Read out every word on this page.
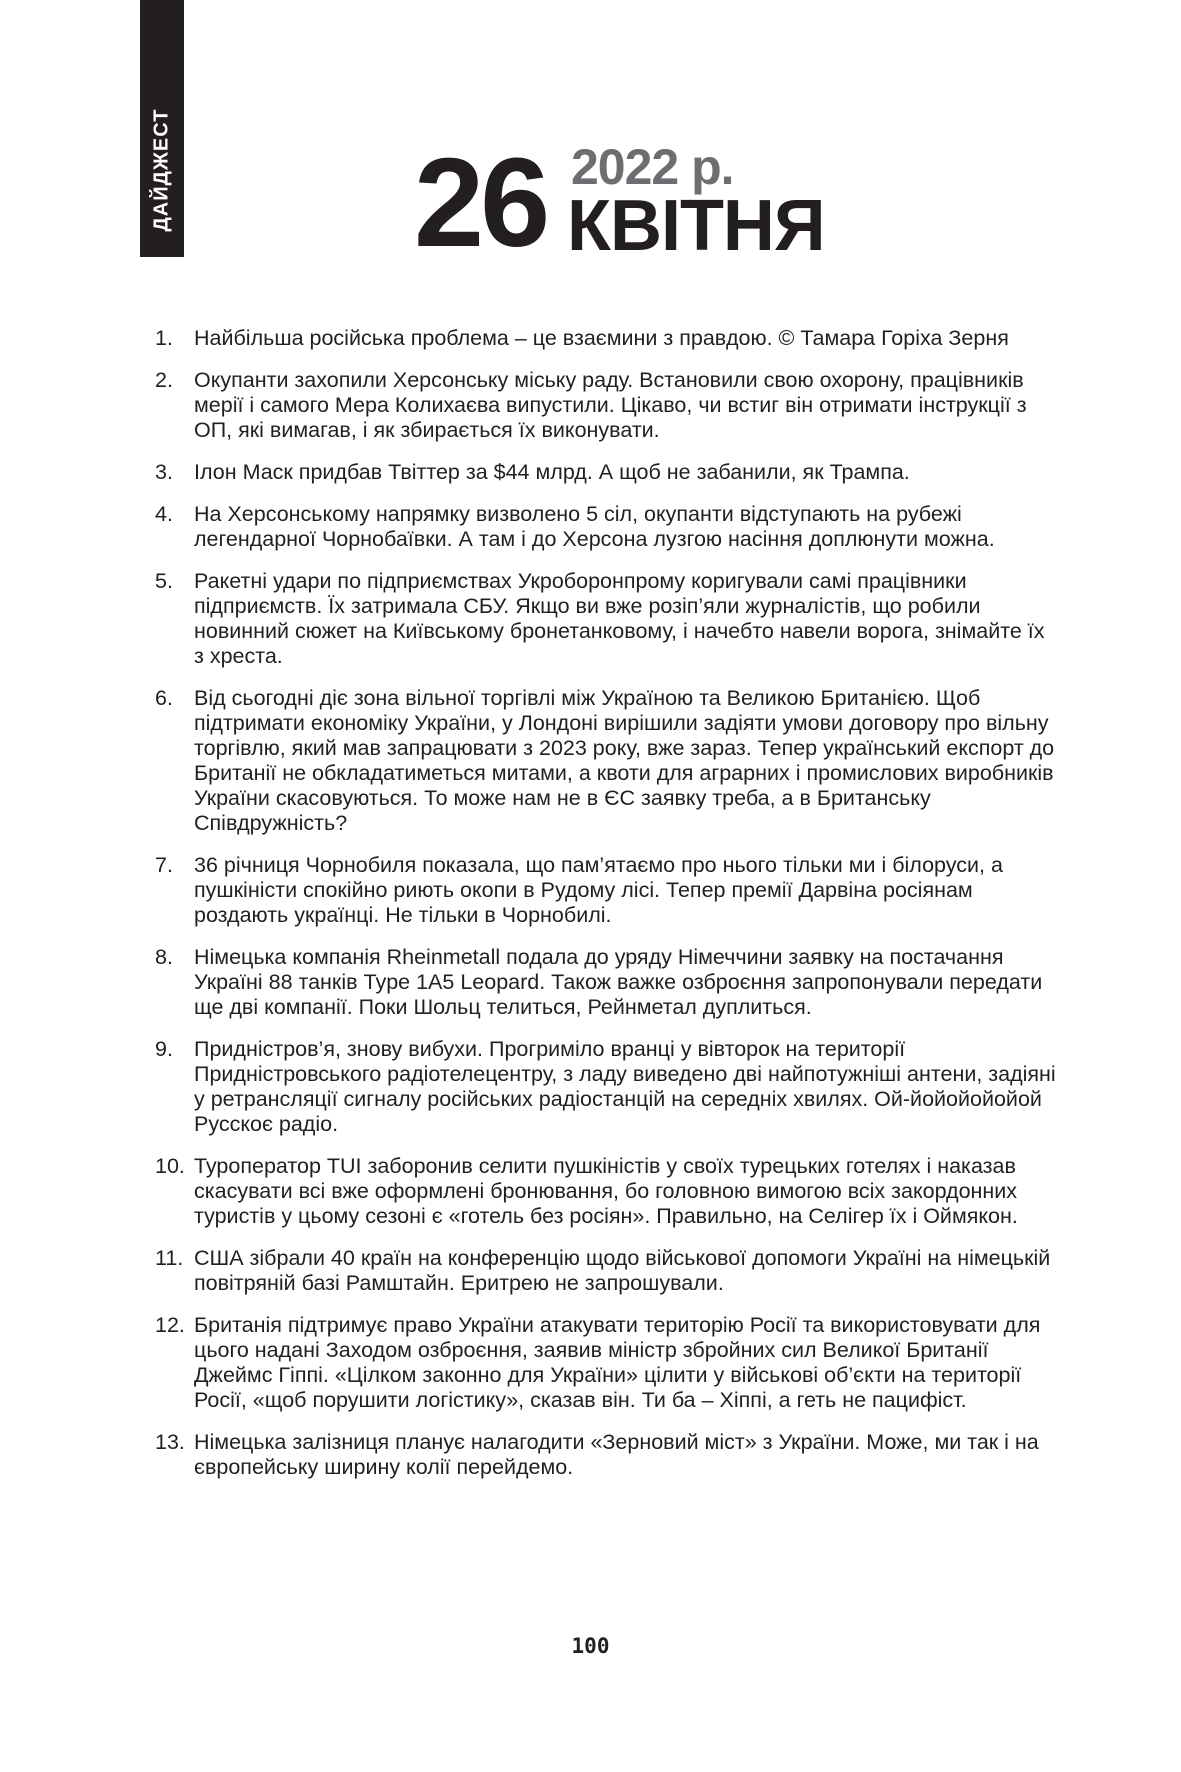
ДАЙДЖЕСТ 26 2022 р.
КВІТНЯ
1. Найбільша російська проблема – це взаємини з правдою. © Тамара Горіха Зерня
2. Окупанти захопили Херсонську міську раду. Встановили свою охорону, працівників мерії і самого Мера Колихаєва випустили. Цікаво, чи встиг він отримати інструкції з ОП, які вимагав, і як збирається їх виконувати.
3. Ілон Маск придбав Твіттер за $44 млрд. А щоб не забанили, як Трампа.
4. На Херсонському напрямку визволено 5 сіл, окупанти відступають на рубежі легендарної Чорнобаївки. А там і до Херсона лузгою насіння доплюнути можна.
5. Ракетні удари по підприємствах Укроборонпрому коригували самі працівники підприємств. Їх затримала СБУ. Якщо ви вже розіп’яли журналістів, що робили новинний сюжет на Київському бронетанковому, і начебто навели ворога, знімайте їх з хреста.
6. Від сьогодні діє зона вільної торгівлі між Україною та Великою Британією. Щоб підтримати економіку України, у Лондоні вирішили задіяти умови договору про вільну торгівлю, який мав запрацювати з 2023 року, вже зараз. Тепер український експорт до Британії не обкладатиметься митами, а квоти для аграрних і промислових виробників України скасовуються. То може нам не в ЄС заявку треба, а в Британську Співдружність?
7. 36 річниця Чорнобиля показала, що пам’ятаємо про нього тільки ми і білоруси, а пушкіністи спокійно риють окопи в Рудому лісі. Тепер премії Дарвіна росіянам роздають українці. Не тільки в Чорнобилі.
8. Німецька компанія Rheinmetall подала до уряду Німеччини заявку на постачання Україні 88 танків Type 1A5 Leopard. Також важке озброєння запропонували передати ще дві компанії. Поки Шольц телиться, Рейнметал дуплиться.
9. Придністров’я, знову вибухи. Прогриміло вранці у вівторок на території Придністровського радіотелецентру, з ладу виведено дві найпотужніші антени, задіяні у ретрансляції сигналу російських радіостанцій на середніх хвилях. Ой-йойойойойой Русскоє радіо.
10. Туроператор TUI заборонив селити пушкіністів у своїх турецьких готелях і наказав скасувати всі вже оформлені бронювання, бо головною вимогою всіх закордонних туристів у цьому сезоні є «готель без росіян». Правильно, на Селігер їх і Оймякон.
11. США зібрали 40 країн на конференцію щодо військової допомоги Україні на німецькій повітряній базі Рамштайн. Еритрею не запрошували.
12. Британія підтримує право України атакувати територію Росії та використовувати для цього надані Заходом озброєння, заявив міністр збройних сил Великої Британії Джеймс Гіппі. «Цілком законно для України» цілити у військові об’єкти на території Росії, «щоб порушити логістику», сказав він. Ти ба – Хіппі, а геть не пацифіст.
13. Німецька залізниця планує налагодити «Зерновий міст» з України. Може, ми так і на європейську ширину колії перейдемо.
100
